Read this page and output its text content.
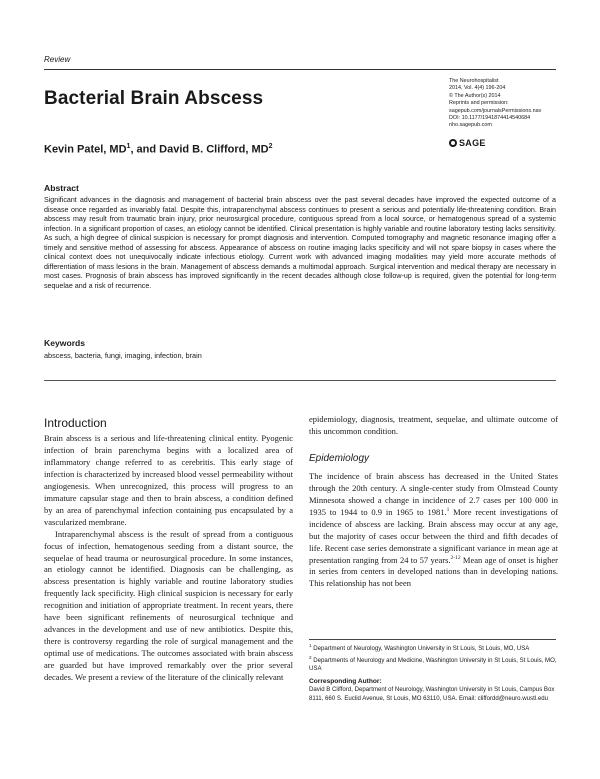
Review
Bacterial Brain Abscess
Kevin Patel, $MD^1$, and David B. Clifford, $MD^2$
The Neurohospitalist
2014, Vol. 4(4) 196-204
© The Author(s) 2014
Reprints and permission:
sagepub.com/journalsPermissions.nav
DOI: 10.1177/1941874414540684
nho.sagepub.com
SAGE
Abstract
Significant advances in the diagnosis and management of bacterial brain abscess over the past several decades have improved the expected outcome of a disease once regarded as invariably fatal. Despite this, intraparenchymal abscess continues to present a serious and potentially life-threatening condition. Brain abscess may result from traumatic brain injury, prior neurosurgical procedure, contiguous spread from a local source, or hematogenous spread of a systemic infection. In a significant proportion of cases, an etiology cannot be identified. Clinical presentation is highly variable and routine laboratory testing lacks sensitivity. As such, a high degree of clinical suspicion is necessary for prompt diagnosis and intervention. Computed tomography and magnetic resonance imaging offer a timely and sensitive method of assessing for abscess. Appearance of abscess on routine imaging lacks specificity and will not spare biopsy in cases where the clinical context does not unequivocally indicate infectious etiology. Current work with advanced imaging modalities may yield more accurate methods of differentiation of mass lesions in the brain. Management of abscess demands a multimodal approach. Surgical intervention and medical therapy are necessary in most cases. Prognosis of brain abscess has improved significantly in the recent decades although close follow-up is required, given the potential for long-term sequelae and a risk of recurrence.
Keywords
abscess, bacteria, fungi, imaging, infection, brain
Introduction

Brain abscess is a serious and life-threatening clinical entity. Pyogenic infection of brain parenchyma begins with a localized area of inflammatory change referred to as cerebritis. This early stage of infection is characterized by increased blood vessel permeability without angiogenesis. When unrecognized, this process will progress to an immature capsular stage and then to brain abscess, a condition defined by an area of parenchymal infection containing pus encapsulated by a vascularized membrane.

Intraparenchymal abscess is the result of spread from a contiguous focus of infection, hematogenous seeding from a distant source, the sequelae of head trauma or neurosurgical procedure. In some instances, an etiology cannot be identified. Diagnosis can be challenging, as abscess presentation is highly variable and routine laboratory studies frequently lack specificity. High clinical suspicion is necessary for early recognition and initiation of appropriate treatment. In recent years, there have been significant refinements of neurosurgical technique and advances in the development and use of new antibiotics. Despite this, there is controversy regarding the role of surgical management and the optimal use of medications. The outcomes associated with brain abscess are guarded but have improved remarkably over the prior several decades. We present a review of the literature of the clinically relevant

epidemiology, diagnosis, treatment, sequelae, and ultimate outcome of this uncommon condition.

Epidemiology

The incidence of brain abscess has decreased in the United States through the 20th century. A single-center study from Olmstead County Minnesota showed a change in incidence of 2.7 cases per 100 000 in 1935 to 1944 to 0.9 in 1965 to 1981.$^1$ More recent investigations of incidence of abscess are lacking. Brain abscess may occur at any age, but the majority of cases occur between the third and fifth decades of life. Recent case series demonstrate a significant variance in mean age at presentation ranging from 24 to 57 years.$^{2-12}$ Mean age of onset is higher in series from centers in developed nations than in developing nations. This relationship has not been

$^1$ Department of Neurology, Washington University in St Louis, St Louis, MO, USA

$^2$ Departments of Neurology and Medicine, Washington University in St Louis, St Louis, MO, USA

Corresponding Author:
David B Clifford, Department of Neurology, Washington University in St Louis, Campus Box 8111, 660 S. Euclid Avenue, St Louis, MO 63110, USA. Email: cliffordd@neuro.wustl.edu
